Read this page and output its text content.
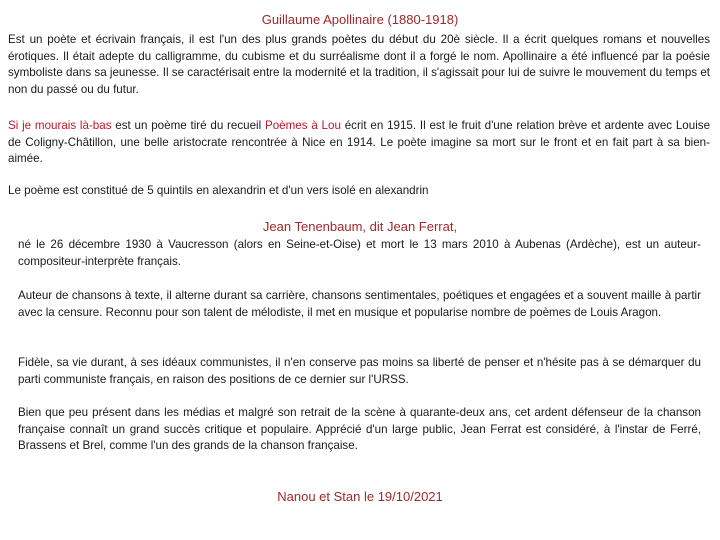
Guillaume Apollinaire (1880-1918)

Est un poète et écrivain français, il est l'un des plus grands poètes du début du 20è siècle. Il a écrit quelques romans et nouvelles érotiques. Il était adepte du calligramme, du cubisme et du surréalisme dont il a forgé le nom. Apollinaire a été influencé par la poésie symboliste dans sa jeunesse. Il se caractérisait entre la modernité et la tradition, il s'agissait pour lui de suivre le mouvement du temps et non du passé ou du futur.

Si je mourais là-bas est un poème tiré du recueil Poèmes à Lou écrit en 1915. Il est le fruit d'une relation brève et ardente avec Louise de Coligny-Châtillon, une belle aristocrate rencontrée à Nice en 1914. Le poète imagine sa mort sur le front et en fait part à sa bien-aimée.

Le poème est constitué de 5 quintils en alexandrin et d'un vers isolé en alexandrin

Jean Tenenbaum, dit Jean Ferrat,

né le 26 décembre 1930 à Vaucresson (alors en Seine-et-Oise) et mort le 13 mars 2010 à Aubenas (Ardèche), est un auteur-compositeur-interprète français.

Auteur de chansons à texte, il alterne durant sa carrière, chansons sentimentales, poétiques et engagées et a souvent maille à partir avec la censure. Reconnu pour son talent de mélodiste, il met en musique et popularise nombre de poèmes de Louis Aragon.

Fidèle, sa vie durant, à ses idéaux communistes, il n'en conserve pas moins sa liberté de penser et n'hésite pas à se démarquer du parti communiste français, en raison des positions de ce dernier sur l'URSS.

Bien que peu présent dans les médias et malgré son retrait de la scène à quarante-deux ans, cet ardent défenseur de la chanson française connaît un grand succès critique et populaire. Apprécié d'un large public, Jean Ferrat est considéré, à l'instar de Ferré, Brassens et Brel, comme l'un des grands de la chanson française.

Nanou et Stan le 19/10/2021
